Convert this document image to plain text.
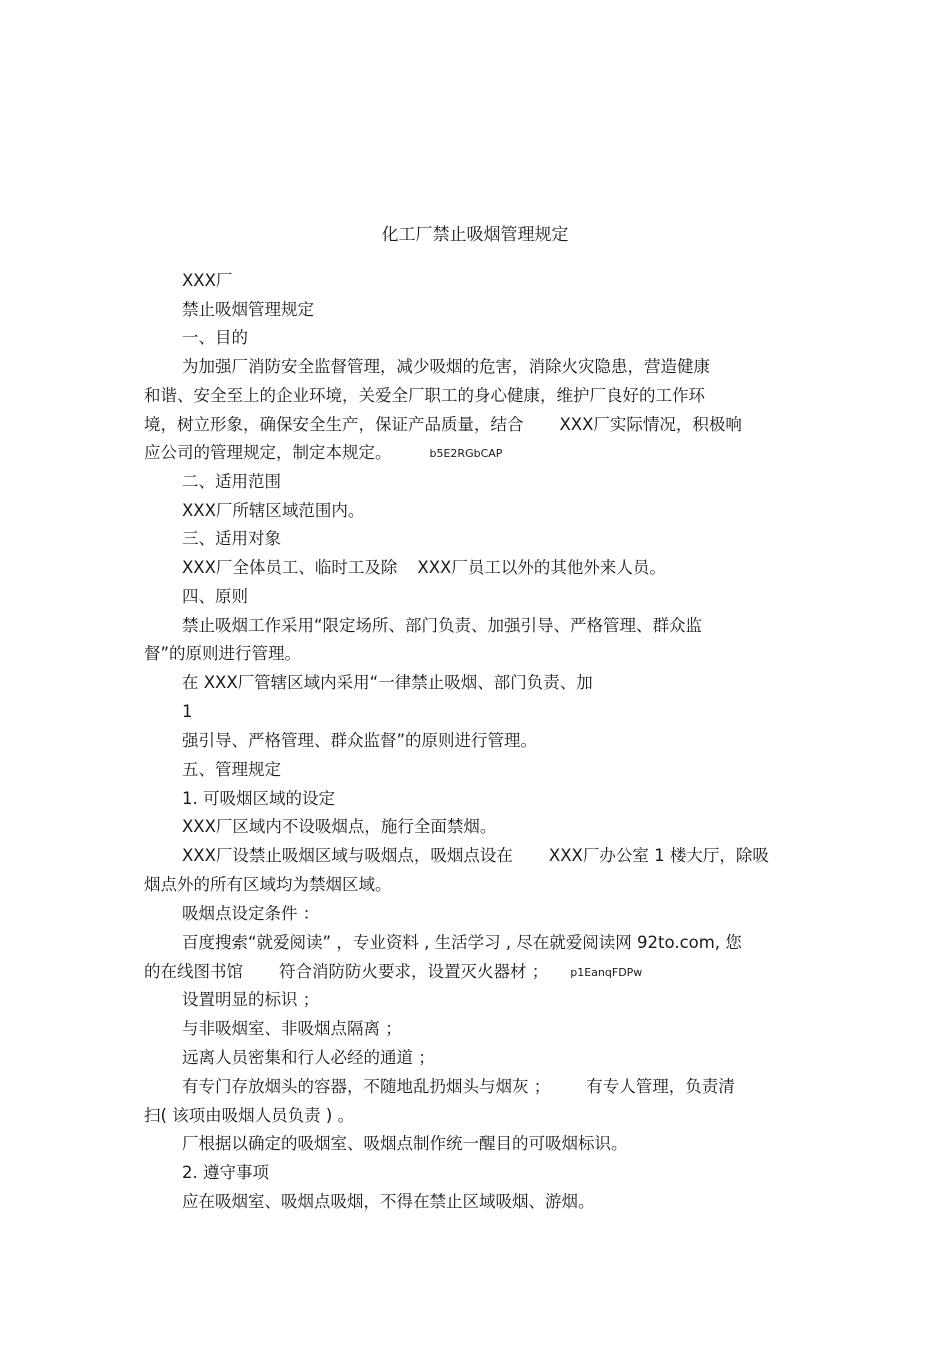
化工厂禁止吸烟管理规定
XXX厂
禁止吸烟管理规定
一、目的
为加强厂消防安全监督管理，减少吸烟的危害，消除火灾隐患，营造健康
和谐、安全至上的企业环境，关爱全厂职工的身心健康，维护厂良好的工作环
境，树立形象，确保安全生产，保证产品质量，结合 XXX厂实际情况，积极响
应公司的管理规定，制定本规定。	b5E2RGbCAP
二、适用范围
XXX厂所辖区域范围内。
三、适用对象
XXX厂全体员工、临时工及除 XXX厂员工以外的其他外来人员。
四、原则
禁止吸烟工作采用“限定场所、部门负责、加强引导、严格管理、群众监
督”的原则进行管理。
在 XXX厂管辖区域内采用“一律禁止吸烟、部门负责、加
1
强引导、严格管理、群众监督”的原则进行管理。
五、管理规定
1. 可吸烟区域的设定
XXX厂区域内不设吸烟点，施行全面禁烟。
XXX厂设禁止吸烟区域与吸烟点，吸烟点设在 XXX厂办公室 1 楼大厅，除吸
烟点外的所有区域均为禁烟区域。
吸烟点设定条件 ：
百度搜索“就爱阅读” ，专业资料 , 生活学习 , 尽在就爱阅读网 92to.com, 您
的在线图书馆 符合消防防火要求，设置灭火器材 ； p1EanqFDPw
设置明显的标识 ；
与非吸烟室、非吸烟点隔离 ；
远离人员密集和行人必经的通道 ；
有专门存放烟头的容器，不随地乱扔烟头与烟灰 ； 有专人管理，负责清
扫( 该项由吸烟人员负责 ) 。
厂根据以确定的吸烟室、吸烟点制作统一醒目的可吸烟标识。
2. 遵守事项
应在吸烟室、吸烟点吸烟，不得在禁止区域吸烟、游烟。
